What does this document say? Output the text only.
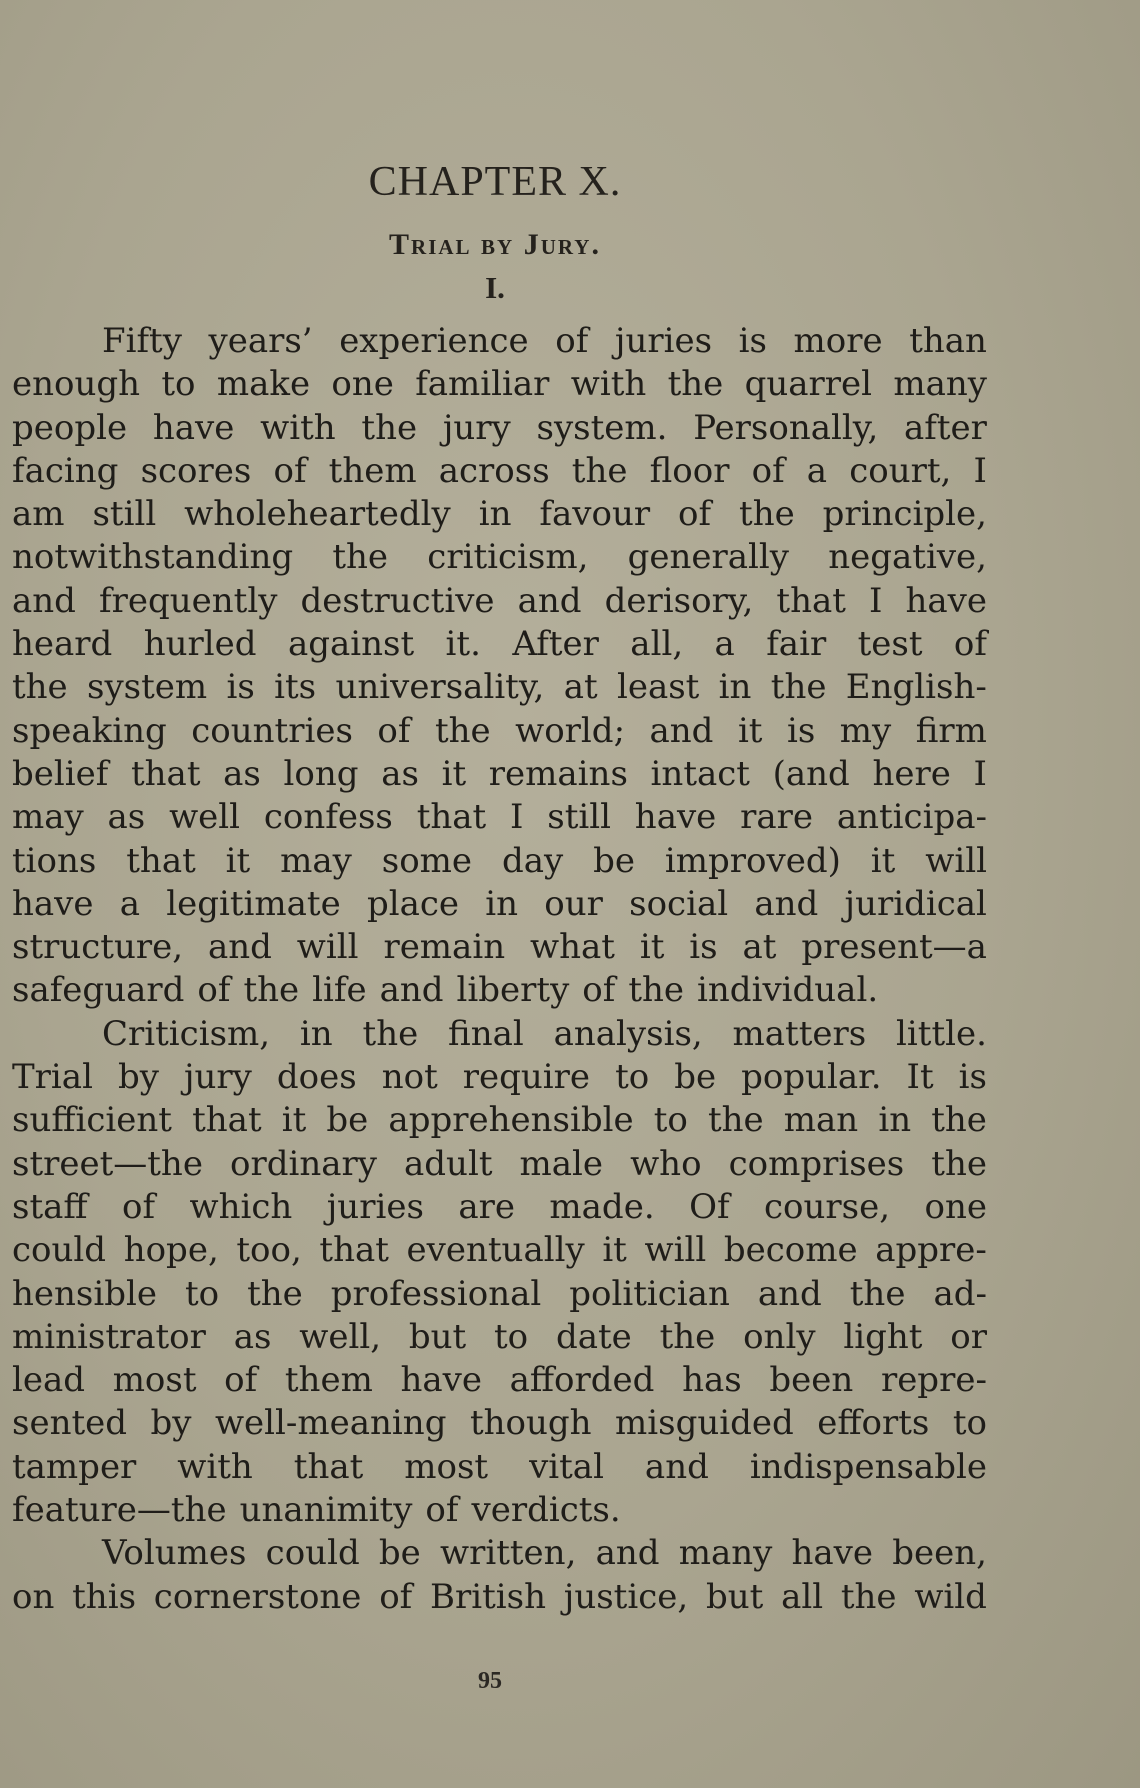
CHAPTER X.
Trial by Jury.
I.
Fifty years’ experience of juries is more than
enough to make one familiar with the quarrel many
people have with the jury system. Personally, after
facing scores of them across the floor of a court, I
am still wholeheartedly in favour of the principle,
notwithstanding the criticism, generally negative,
and frequently destructive and derisory, that I have
heard hurled against it. After all, a fair test of
the system is its universality, at least in the English-
speaking countries of the world; and it is my firm
belief that as long as it remains intact (and here I
may as well confess that I still have rare anticipa-
tions that it may some day be improved) it will
have a legitimate place in our social and juridical
structure, and will remain what it is at present—a
safeguard of the life and liberty of the individual.
Criticism, in the final analysis, matters little.
Trial by jury does not require to be popular. It is
sufficient that it be apprehensible to the man in the
street—the ordinary adult male who comprises the
staff of which juries are made. Of course, one
could hope, too, that eventually it will become appre-
hensible to the professional politician and the ad-
ministrator as well, but to date the only light or
lead most of them have afforded has been repre-
sented by well-meaning though misguided efforts to
tamper with that most vital and indispensable
feature—the unanimity of verdicts.
Volumes could be written, and many have been,
on this cornerstone of British justice, but all the wild
95
